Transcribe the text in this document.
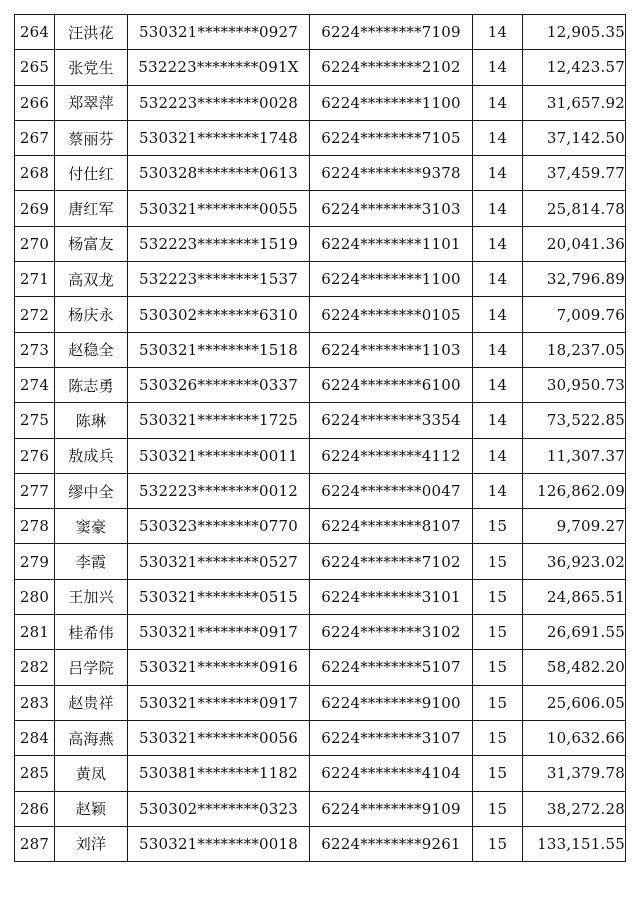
264	汪洪花	530321********0927	6224********7109	14	12,905.35
265	张党生	532223********091X	6224********2102	14	12,423.57
266	郑翠萍	532223********0028	6224********1100	14	31,657.92
267	蔡丽芬	530321********1748	6224********7105	14	37,142.50
268	付仕红	530328********0613	6224********9378	14	37,459.77
269	唐红军	530321********0055	6224********3103	14	25,814.78
270	杨富友	532223********1519	6224********1101	14	20,041.36
271	高双龙	532223********1537	6224********1100	14	32,796.89
272	杨庆永	530302********6310	6224********0105	14	7,009.76
273	赵稳全	530321********1518	6224********1103	14	18,237.05
274	陈志勇	530326********0337	6224********6100	14	30,950.73
275	陈琳	530321********1725	6224********3354	14	73,522.85
276	敖成兵	530321********0011	6224********4112	14	11,307.37
277	缪中全	532223********0012	6224********0047	14	126,862.09
278	窦豪	530323********0770	6224********8107	15	9,709.27
279	李霞	530321********0527	6224********7102	15	36,923.02
280	王加兴	530321********0515	6224********3101	15	24,865.51
281	桂希伟	530321********0917	6224********3102	15	26,691.55
282	吕学院	530321********0916	6224********5107	15	58,482.20
283	赵贵祥	530321********0917	6224********9100	15	25,606.05
284	高海燕	530321********0056	6224********3107	15	10,632.66
285	黄凤	530381********1182	6224********4104	15	31,379.78
286	赵颖	530302********0323	6224********9109	15	38,272.28
287	刘洋	530321********0018	6224********9261	15	133,151.55
